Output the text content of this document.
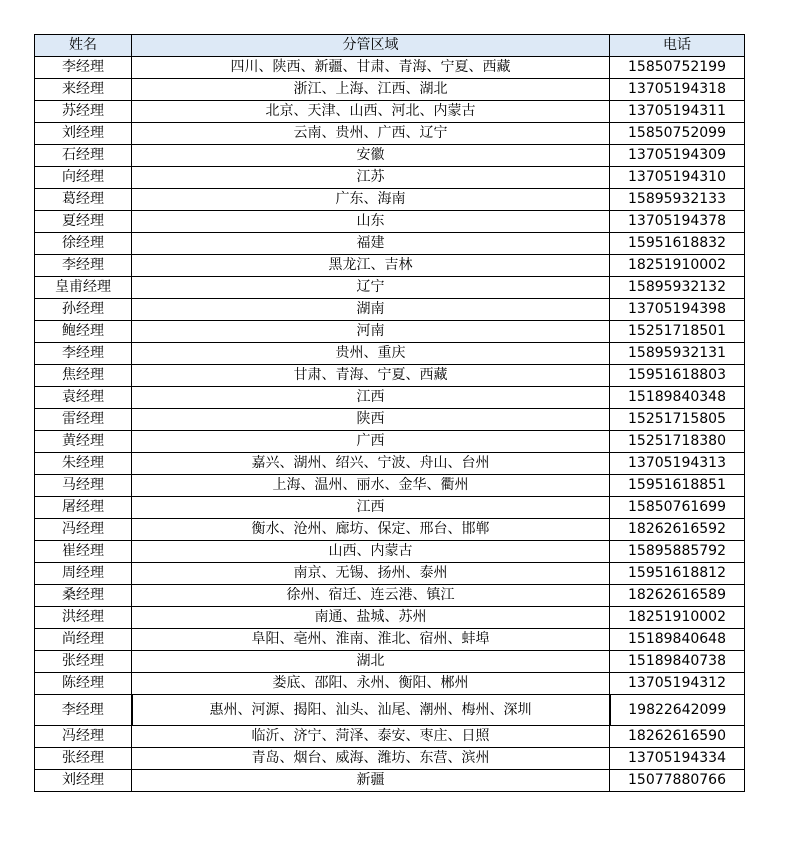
姓名	分管区域	电话
李经理	四川、陕西、新疆、甘肃、青海、宁夏、西藏	15850752199
来经理	浙江、上海、江西、湖北	13705194318
苏经理	北京、天津、山西、河北、内蒙古	13705194311
刘经理	云南、贵州、广西、辽宁	15850752099
石经理	安徽	13705194309
向经理	江苏	13705194310
葛经理	广东、海南	15895932133
夏经理	山东	13705194378
徐经理	福建	15951618832
李经理	黑龙江、吉林	18251910002
皇甫经理	辽宁	15895932132
孙经理	湖南	13705194398
鲍经理	河南	15251718501
李经理	贵州、重庆	15895932131
焦经理	甘肃、青海、宁夏、西藏	15951618803
袁经理	江西	15189840348
雷经理	陕西	15251715805
黄经理	广西	15251718380
朱经理	嘉兴、湖州、绍兴、宁波、舟山、台州	13705194313
马经理	上海、温州、丽水、金华、衢州	15951618851
屠经理	江西	15850761699
冯经理	衡水、沧州、廊坊、保定、邢台、邯郸	18262616592
崔经理	山西、内蒙古	15895885792
周经理	南京、无锡、扬州、泰州	15951618812
桑经理	徐州、宿迁、连云港、镇江	18262616589
洪经理	南通、盐城、苏州	18251910002
尚经理	阜阳、亳州、淮南、淮北、宿州、蚌埠	15189840648
张经理	湖北	15189840738
陈经理	娄底、邵阳、永州、衡阳、郴州	13705194312
李经理	惠州、河源、揭阳、汕头、汕尾、潮州、梅州、深圳	19822642099
冯经理	临沂、济宁、菏泽、泰安、枣庄、日照	18262616590
张经理	青岛、烟台、威海、潍坊、东营、滨州	13705194334
刘经理	新疆	15077880766
